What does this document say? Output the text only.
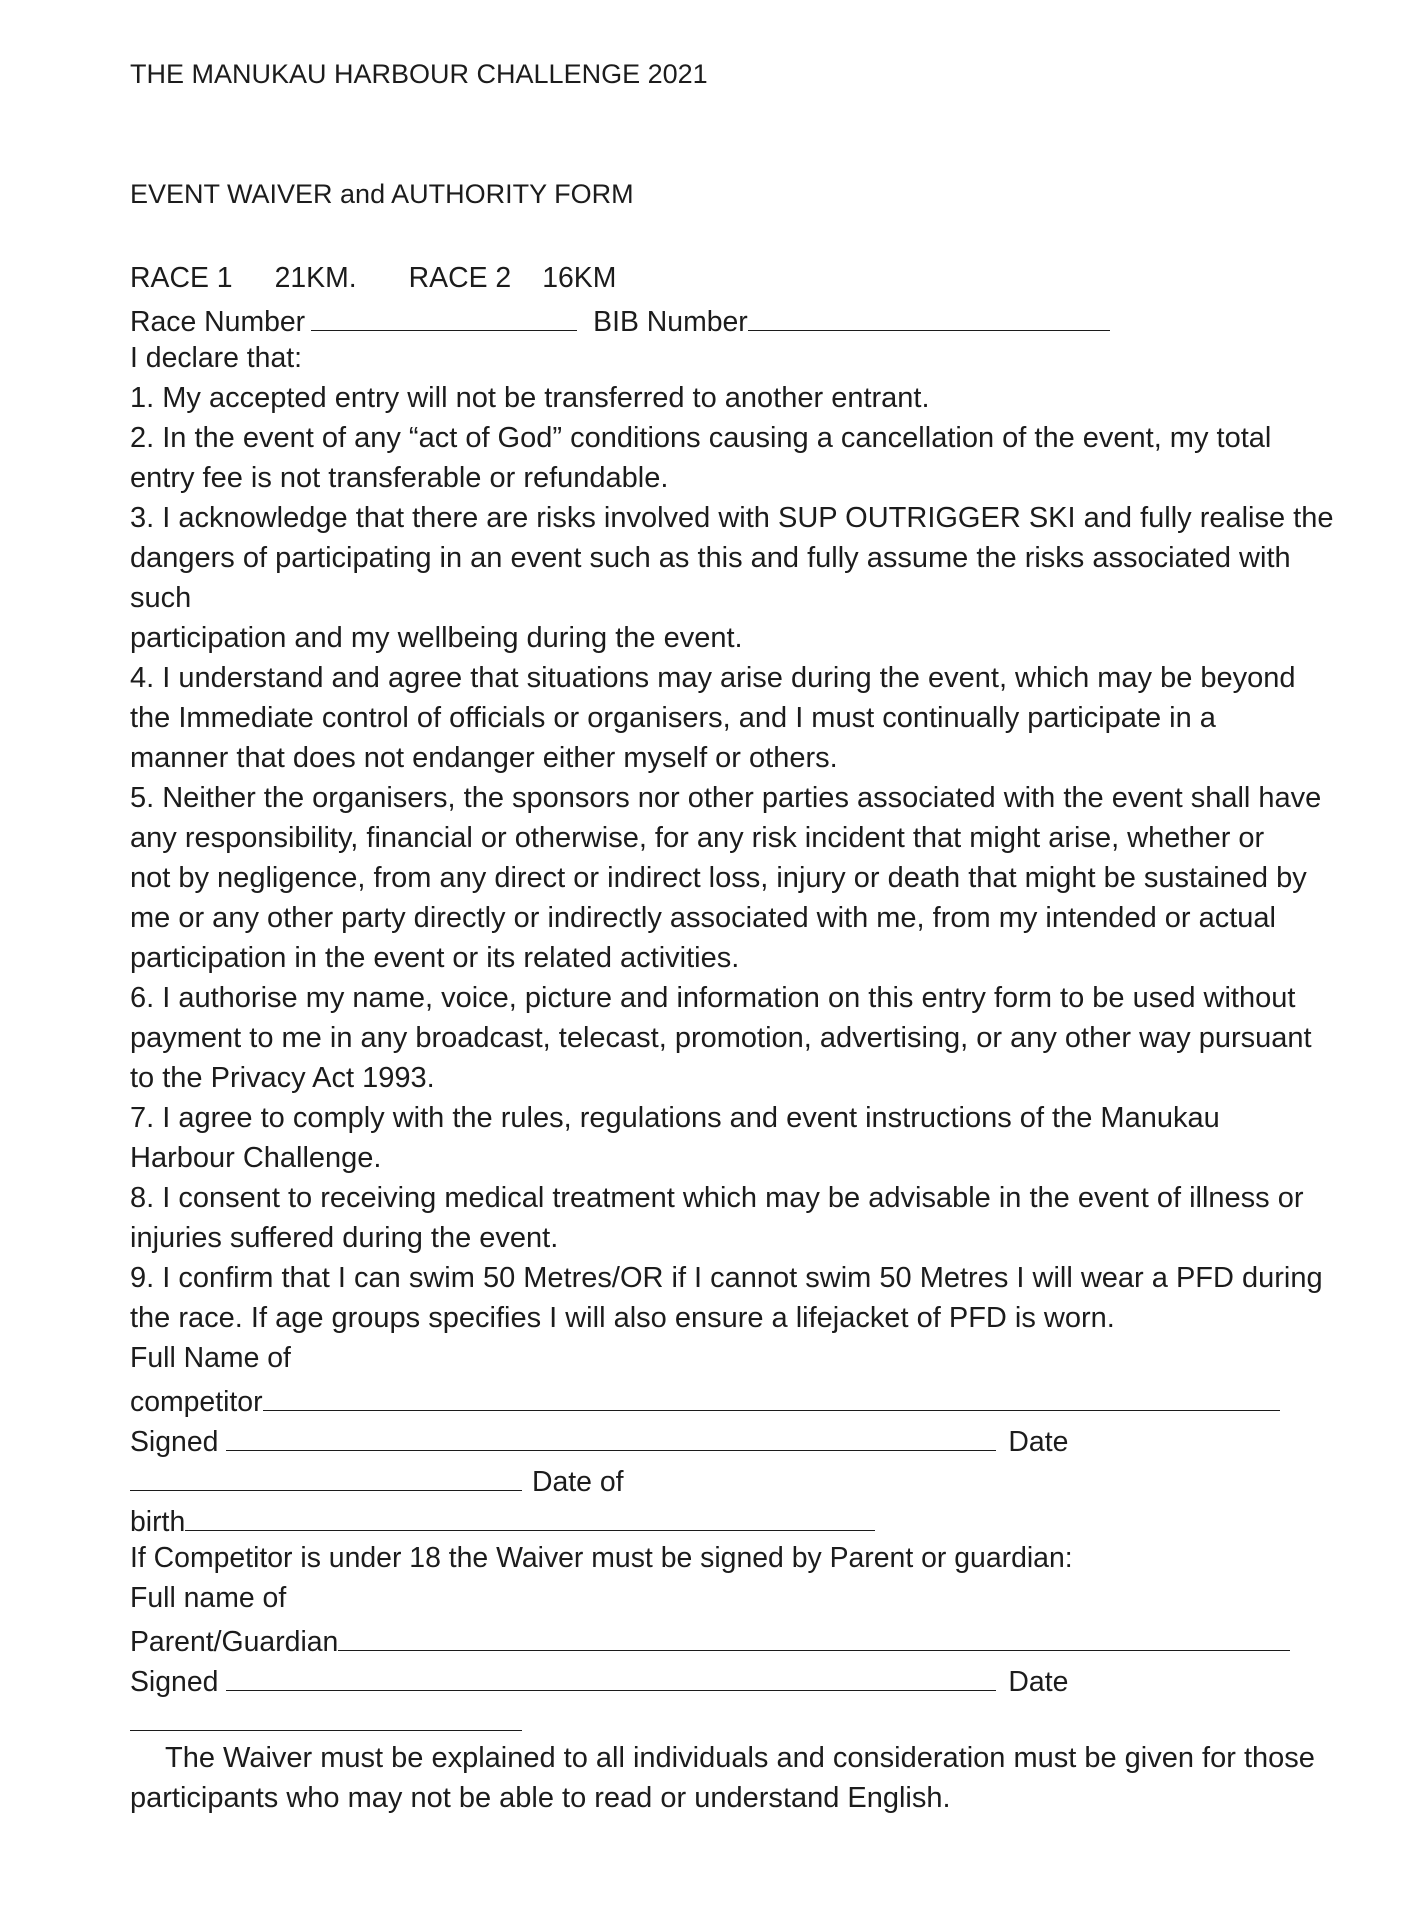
THE MANUKAU HARBOUR CHALLENGE 2021
EVENT WAIVER and AUTHORITY FORM
RACE 1 21KM. RACE 2 16KM
Race Number	BIB Number
I declare that:
1. My accepted entry will not be transferred to another entrant.
2. In the event of any “act of God” conditions causing a cancellation of the event, my total
entry fee is not transferable or refundable.
3. I acknowledge that there are risks involved with SUP OUTRIGGER SKI and fully realise the
dangers of participating in an event such as this and fully assume the risks associated with
such
participation and my wellbeing during the event.
4. I understand and agree that situations may arise during the event, which may be beyond
the Immediate control of officials or organisers, and I must continually participate in a
manner that does not endanger either myself or others.
5. Neither the organisers, the sponsors nor other parties associated with the event shall have
any responsibility, financial or otherwise, for any risk incident that might arise, whether or
not by negligence, from any direct or indirect loss, injury or death that might be sustained by
me or any other party directly or indirectly associated with me, from my intended or actual
participation in the event or its related activities.
6. I authorise my name, voice, picture and information on this entry form to be used without
payment to me in any broadcast, telecast, promotion, advertising, or any other way pursuant
to the Privacy Act 1993.
7. I agree to comply with the rules, regulations and event instructions of the Manukau
Harbour Challenge.
8. I consent to receiving medical treatment which may be advisable in the event of illness or
injuries suffered during the event.
9. I confirm that I can swim 50 Metres/OR if I cannot swim 50 Metres I will wear a PFD during
the race. If age groups specifies I will also ensure a lifejacket of PFD is worn.
Full Name of
competitor
Signed	Date
Date of
birth
If Competitor is under 18 the Waiver must be signed by Parent or guardian:
Full name of
Parent/Guardian
Signed	Date
The Waiver must be explained to all individuals and consideration must be given for those
participants who may not be able to read or understand English.
